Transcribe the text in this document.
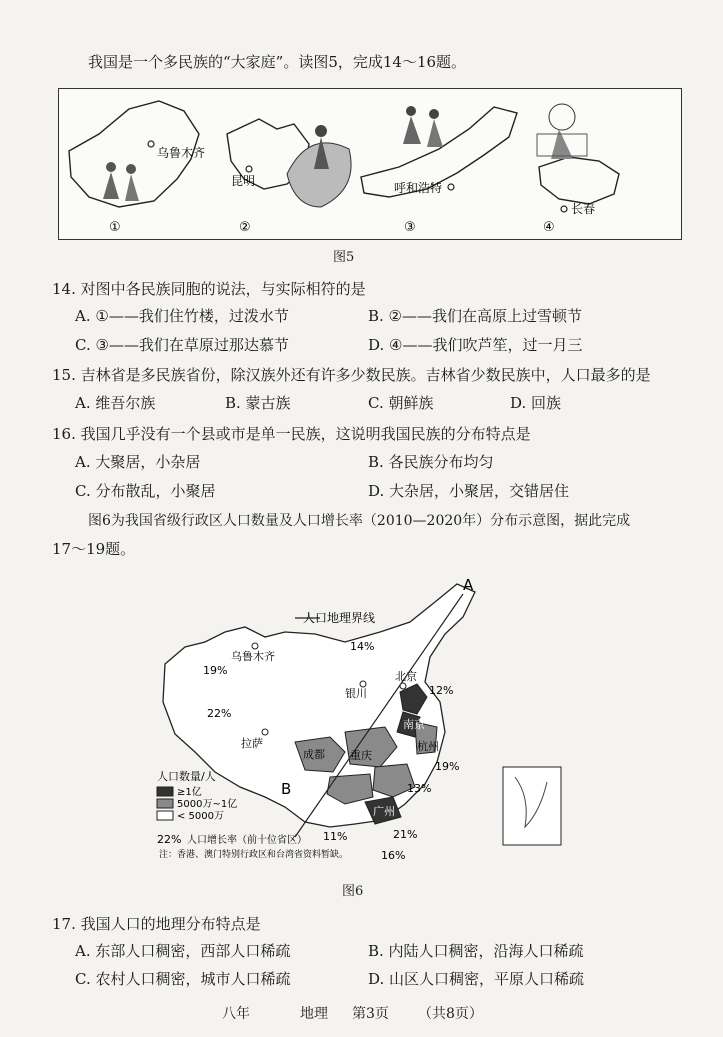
我国是一个多民族的“大家庭”。读图5，完成14～16题。
乌鲁木齐
昆明	呼和浩特
长春
①	②	③	④
图5
14. 对图中各民族同胞的说法，与实际相符的是
A. ①——我们住竹楼，过泼水节	B. ②——我们在高原上过雪顿节
C. ③——我们在草原过那达慕节	D. ④——我们吹芦笙，过一月三
15. 吉林省是多民族省份，除汉族外还有许多少数民族。吉林省少数民族中，人口最多的是
A. 维吾尔族	B. 蒙古族	C. 朝鲜族	D. 回族
16. 我国几乎没有一个县或市是单一民族，这说明我国民族的分布特点是
A. 大聚居，小杂居	B. 各民族分布均匀
C. 分布散乱，小聚居	D. 大杂居，小聚居，交错居住
图6为我国省级行政区人口数量及人口增长率（2010—2020年）分布示意图，据此完成
17～19题。
人口地理界线
A
B
乌鲁木齐
拉萨
银川
北京
南京
成都 重庆
杭州
广州
14%
19%
22%
12%
19%
13%
22%	11%	21%
16%
人口数量/人
≥1亿
5000万~1亿
< 5000万
人口增长率（前十位省区）
注：香港、澳门特别行政区和台湾省资料暂缺。
图6
17. 我国人口的地理分布特点是
A. 东部人口稠密，西部人口稀疏	B. 内陆人口稠密，沿海人口稀疏
C. 农村人口稠密，城市人口稀疏	D. 山区人口稠密，平原人口稀疏
八年	地理 第3页 （共8页）
